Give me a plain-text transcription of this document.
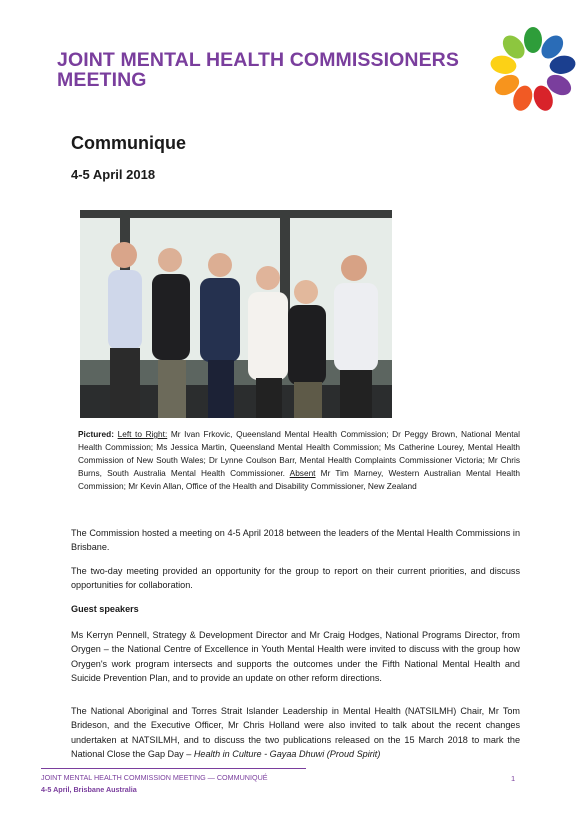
JOINT MENTAL HEALTH COMMISSIONERS MEETING
Communique
4-5 April 2018
Pictured: Left to Right: Mr Ivan Frkovic, Queensland Mental Health Commission; Dr Peggy Brown, National Mental Health Commission; Ms Jessica Martin, Queensland Mental Health Commission; Ms Catherine Lourey, Mental Health Commission of New South Wales; Dr Lynne Coulson Barr, Mental Health Complaints Commissioner Victoria; Mr Chris Burns, South Australia Mental Health Commissioner. Absent Mr Tim Marney, Western Australian Mental Health Commission; Mr Kevin Allan, Office of the Health and Disability Commissioner, New Zealand
The Commission hosted a meeting on 4-5 April 2018 between the leaders of the Mental Health Commissions in Brisbane.
The two-day meeting provided an opportunity for the group to report on their current priorities, and discuss opportunities for collaboration.
Guest speakers
Ms Kerryn Pennell, Strategy & Development Director and Mr Craig Hodges, National Programs Director, from Orygen – the National Centre of Excellence in Youth Mental Health were invited to discuss with the group how Orygen's work program intersects and supports the outcomes under the Fifth National Mental Health and Suicide Prevention Plan, and to provide an update on other reform directions.
The National Aboriginal and Torres Strait Islander Leadership in Mental Health (NATSILMH) Chair, Mr Tom Brideson, and the Executive Officer, Mr Chris Holland were also invited to talk about the recent changes undertaken at NATSILMH, and to discuss the two publications released on the 15 March 2018 to mark the National Close the Gap Day – Health in Culture - Gayaa Dhuwi (Proud Spirit)
JOINT MENTAL HEALTH COMMISSION MEETING — COMMUNIQUÉ
4-5 April, Brisbane Australia
1
